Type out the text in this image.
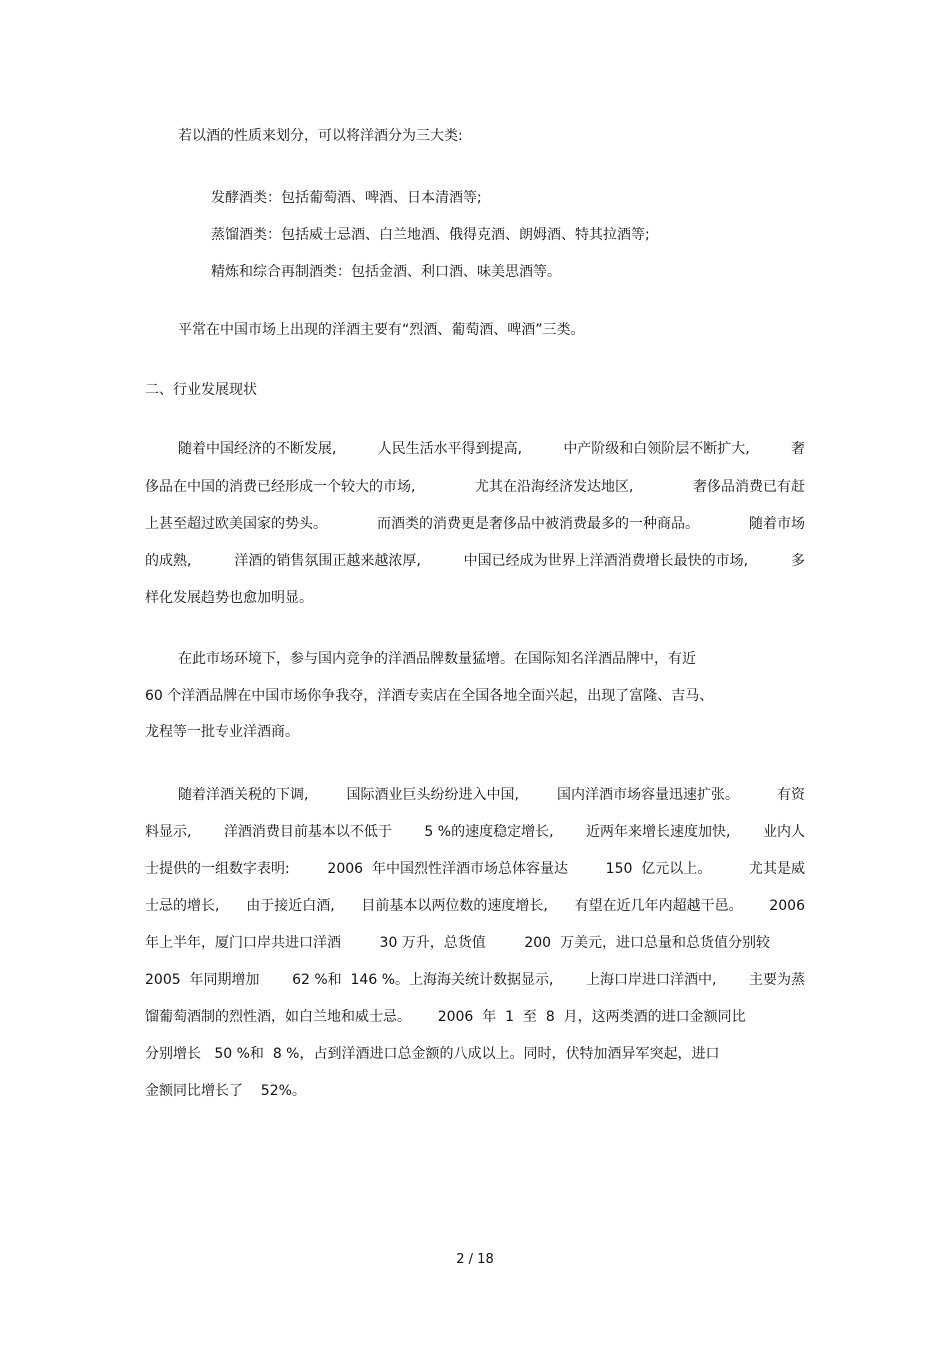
若以酒的性质来划分，可以将洋酒分为三大类:
发酵酒类：包括葡萄酒、啤酒、日本清酒等;
蒸馏酒类：包括威士忌酒、白兰地酒、俄得克酒、朗姆酒、特其拉酒等;
精炼和综合再制酒类：包括金酒、利口酒、味美思酒等。
平常在中国市场上出现的洋酒主要有“烈酒、葡萄酒、啤酒”三类。
二、行业发展现状
随着中国经济的不断发展,	人民生活水平得到提高,	中产阶级和白领阶层不断扩大,	奢
侈品在中国的消费已经形成一个较大的市场,	尤其在沿海经济发达地区,	奢侈品消费已有赶
上甚至超过欧美国家的势头。	而酒类的消费更是奢侈品中被消费最多的一种商品。	随着市场
的成熟,	洋酒的销售氛围正越来越浓厚,	中国已经成为世界上洋酒消费增长最快的市场,	多
样化发展趋势也愈加明显。
在此市场环境下，参与国内竞争的洋酒品牌数量猛增。在国际知名洋酒品牌中，有近
60 个洋酒品牌在中国市场你争我夺，洋酒专卖店在全国各地全面兴起，出现了富隆、吉马、
龙程等一批专业洋酒商。
随着洋酒关税的下调,	国际酒业巨头纷纷进入中国,	国内洋酒市场容量迅速扩张。	有资
料显示, 洋酒消费目前基本以不低于 5 %的速度稳定增长, 近两年来增长速度加快, 业内人
士提供的一组数字表明:	2006  年中国烈性洋酒市场总体容量达	150  亿元以上。	尤其是威
士忌的增长, 由于接近白酒, 目前基本以两位数的速度增长, 有望在近几年内超越干邑。 2006
年上半年，厦门口岸共进口洋酒	30 万升，总货值	200  万美元，进口总量和总货值分别较
2005  年同期增加 62 %和  146 %。上海海关统计数据显示, 上海口岸进口洋酒中, 主要为蒸
馏葡萄酒制的烈性酒，如白兰地和威士忌。      2006  年  1  至  8  月，这两类酒的进口金额同比
分别增长   50 %和  8 %，占到洋酒进口总金额的八成以上。同时，伏特加酒异军突起，进口
金额同比增长了    52%。
2 / 18
